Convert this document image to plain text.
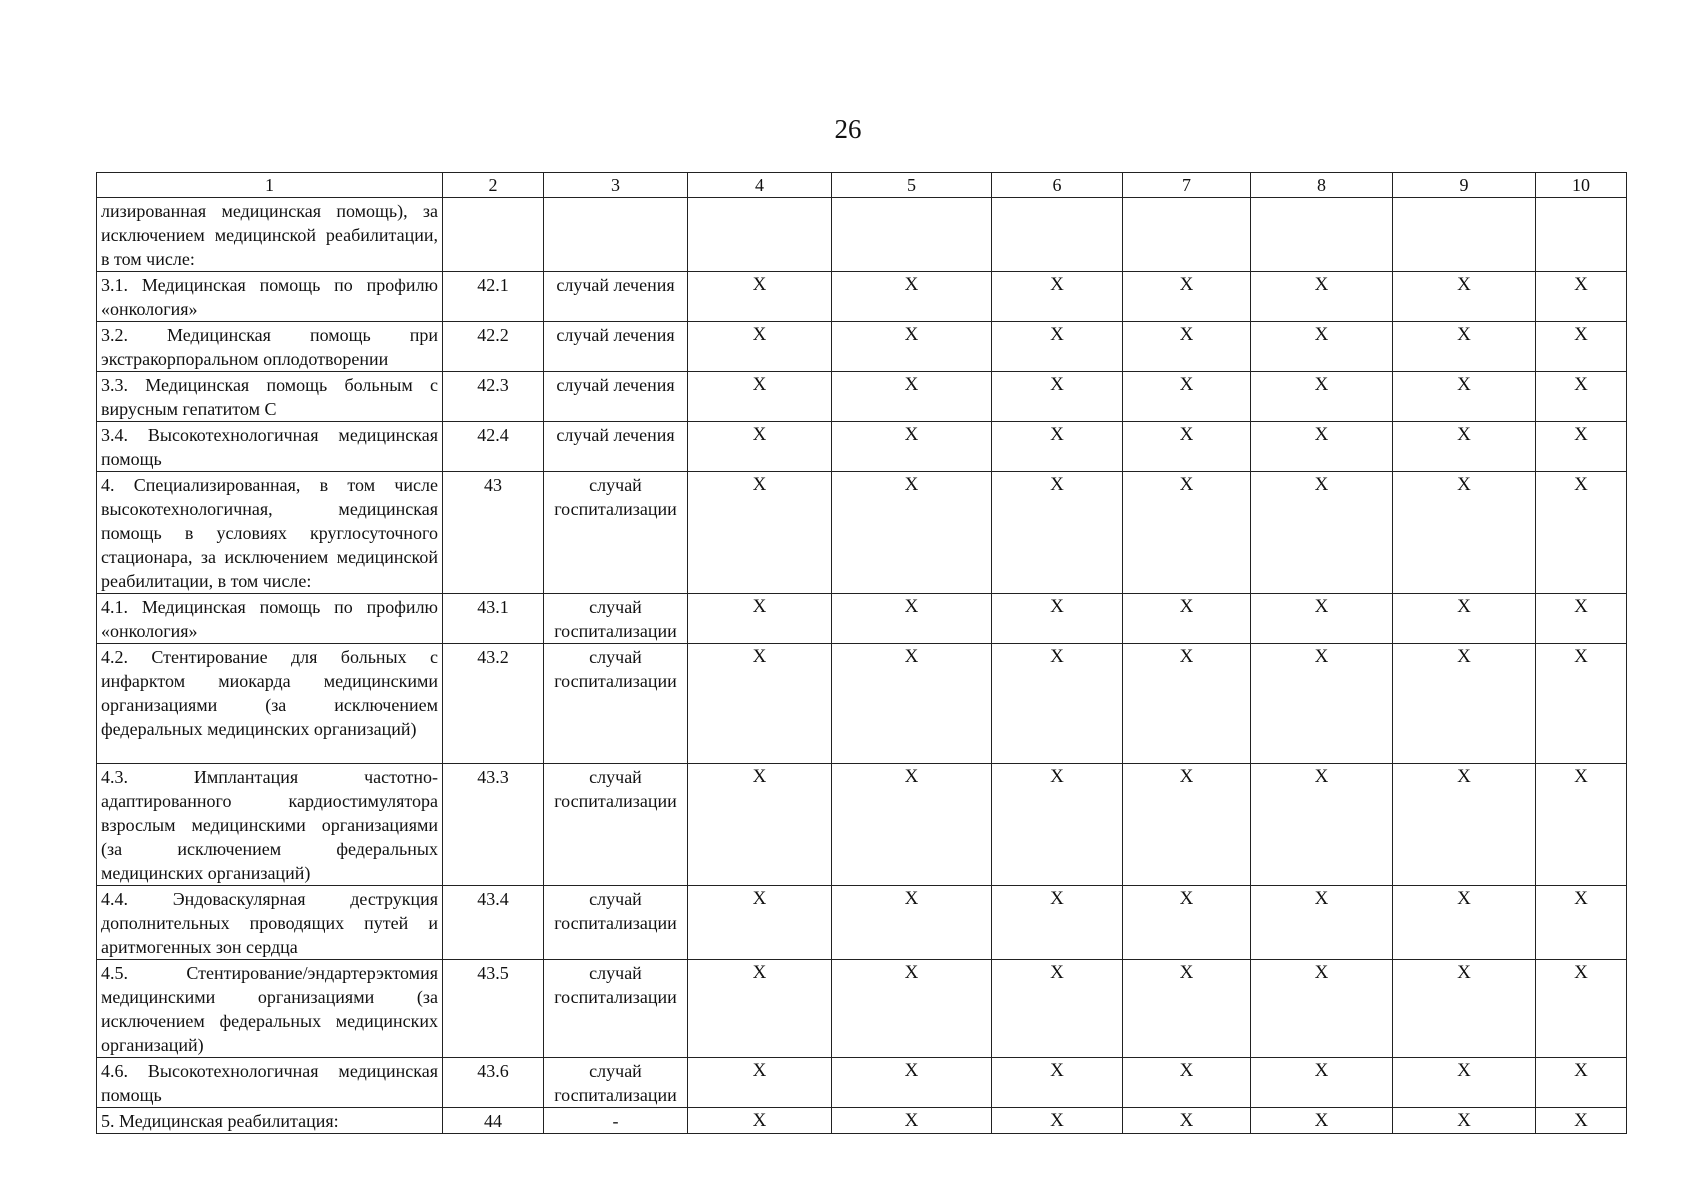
26
1	2	3	4	5	6	7	8	9	10
лизированная медицинская помощь), за исключением медицинской реабилитации, в том числе:									
3.1. Медицинская помощь по профилю «онкология»	42.1	случай лечения	Х	Х	Х	Х	Х	Х	Х
3.2. Медицинская помощь при экстракорпоральном оплодотворении	42.2	случай лечения	Х	Х	Х	Х	Х	Х	Х
3.3. Медицинская помощь больным с вирусным гепатитом С	42.3	случай лечения	Х	Х	Х	Х	Х	Х	Х
3.4. Высокотехнологичная медицинская помощь	42.4	случай лечения	Х	Х	Х	Х	Х	Х	Х
4. Специализированная, в том числе высокотехнологичная, медицинская помощь в условиях круглосуточного стационара, за исключением медицинской реабилитации, в том числе:	43	случай госпитализации	Х	Х	Х	Х	Х	Х	Х
4.1. Медицинская помощь по профилю «онкология»	43.1	случай госпитализации	Х	Х	Х	Х	Х	Х	Х
4.2. Стентирование для больных с инфарктом миокарда медицинскими организациями (за исключением федеральных медицинских организаций)	43.2	случай госпитализации	Х	Х	Х	Х	Х	Х	Х
4.3. Имплантация частотно-адаптированного кардиостимулятора взрослым медицинскими организациями (за исключением федеральных медицинских организаций)	43.3	случай госпитализации	Х	Х	Х	Х	Х	Х	Х
4.4. Эндоваскулярная деструкция дополнительных проводящих путей и аритмогенных зон сердца	43.4	случай госпитализации	Х	Х	Х	Х	Х	Х	Х
4.5. Стентирование/эндартерэктомия медицинскими организациями (за исключением федеральных медицинских организаций)	43.5	случай госпитализации	Х	Х	Х	Х	Х	Х	Х
4.6. Высокотехнологичная медицинская помощь	43.6	случай госпитализации	Х	Х	Х	Х	Х	Х	Х
5. Медицинская реабилитация:	44	-	Х	Х	Х	Х	Х	Х	Х
